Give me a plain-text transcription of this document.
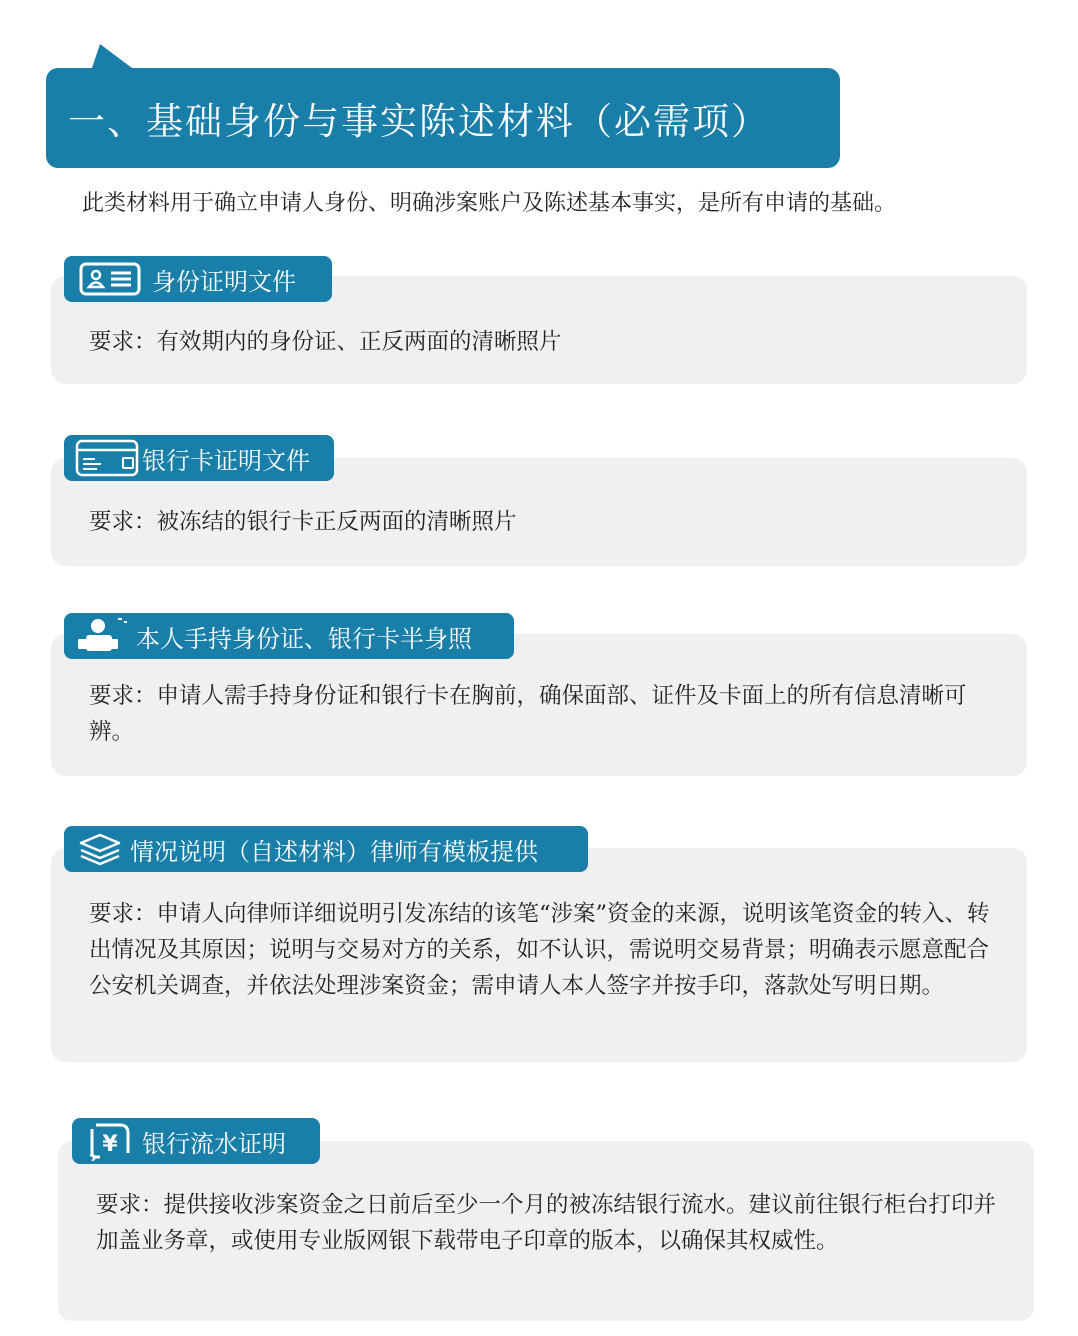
一、基础身份与事实陈述材料（必需项）
此类材料用于确立申请人身份、明确涉案账户及陈述基本事实，是所有申请的基础。

要求：有效期内的身份证、正反两面的清晰照片

身份证明文件

要求：被冻结的银行卡正反两面的清晰照片

银行卡证明文件

要求：申请人需手持身份证和银行卡在胸前，确保面部、证件及卡面上的所有信息清晰可辨。

本人手持身份证、银行卡半身照

要求：申请人向律师详细说明引发冻结的该笔“涉案”资金的来源，说明该笔资金的转入、转出情况及其原因；说明与交易对方的关系，如不认识，需说明交易背景；明确表示愿意配合公安机关调查，并依法处理涉案资金；需申请人本人签字并按手印，落款处写明日期。

情况说明（自述材料）律师有模板提供

要求：提供接收涉案资金之日前后至少一个月的被冻结银行流水。建议前往银行柜台打印并加盖业务章，或使用专业版网银下载带电子印章的版本，以确保其权威性。

¥ 银行流水证明
